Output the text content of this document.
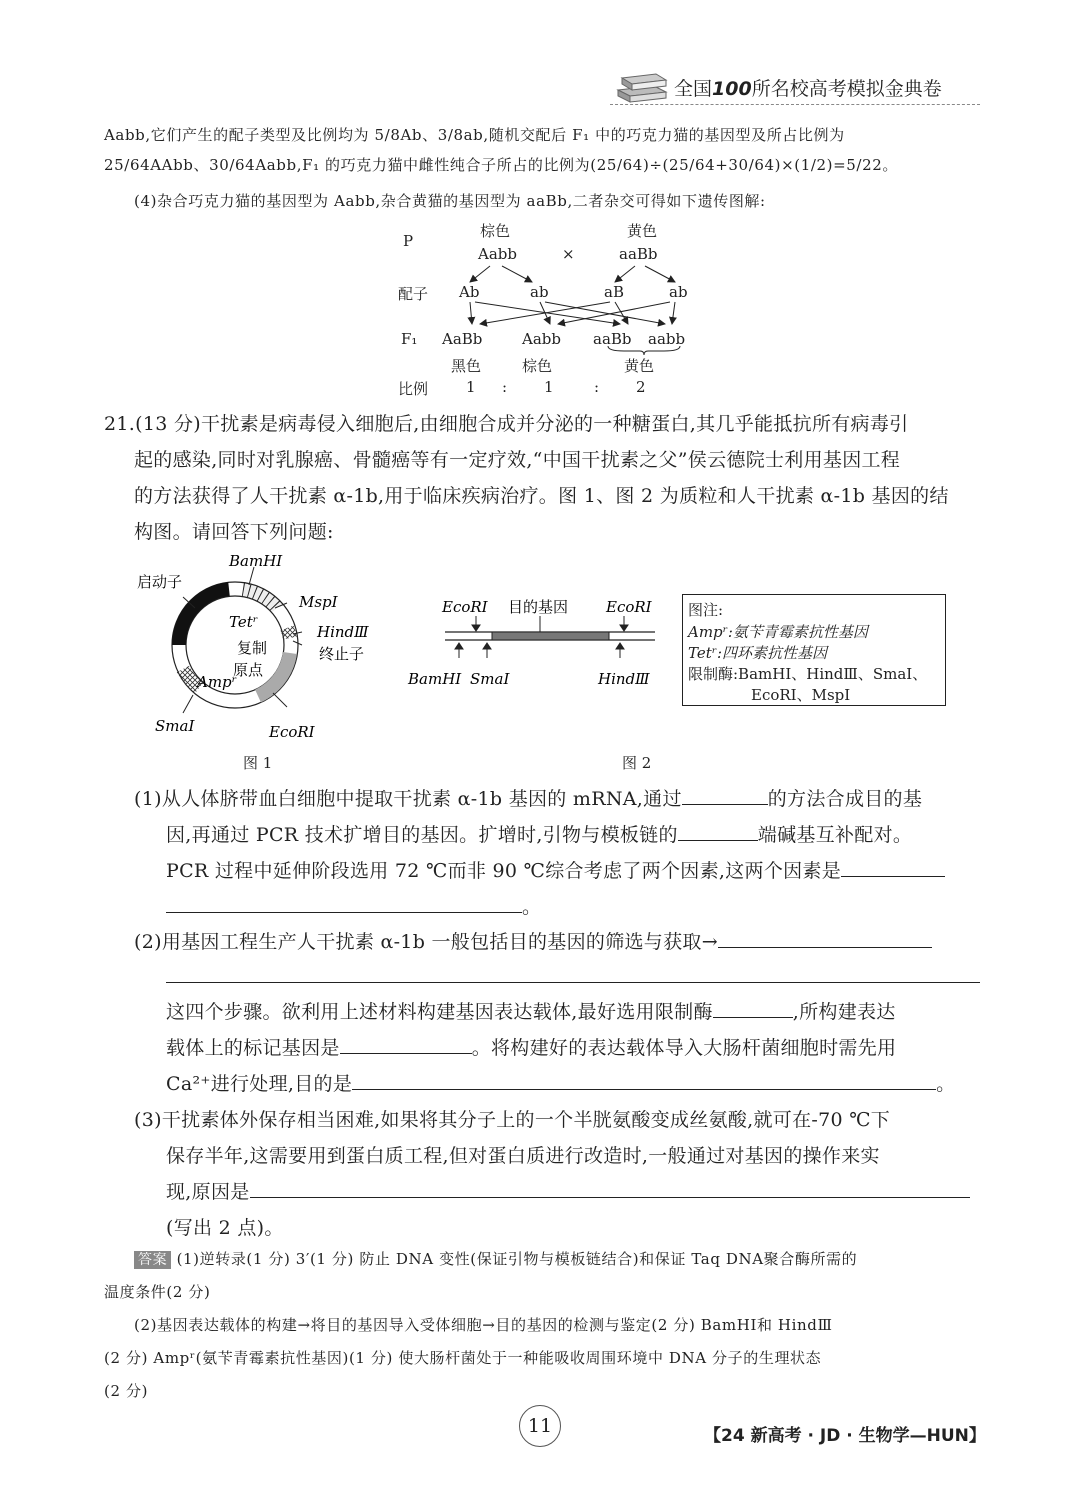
全国100所名校高考模拟金典卷
Aabb,它们产生的配子类型及比例均为 5/8Ab、3/8ab,随机交配后 F₁ 中的巧克力猫的基因型及所占比例为
25/64AAbb、30/64Aabb,F₁ 的巧克力猫中雌性纯合子所占的比例为(25/64)÷(25/64+30/64)×(1/2)=5/22。
(4)杂合巧克力猫的基因型为 Aabb,杂合黄猫的基因型为 aaBb,二者杂交可得如下遗传图解:
P
棕色
Aabb	×
黄色
aaBb
配子 Ab	ab	aB	ab
F₁ AaBb	Aabb aaBb aabb
黑色	棕色	黄色
比例	1 : 1	: 2
21.(13 分)干扰素是病毒侵入细胞后,由细胞合成并分泌的一种糖蛋白,其几乎能抵抗所有病毒引
起的感染,同时对乳腺癌、骨髓癌等有一定疗效,“中国干扰素之父”侯云德院士利用基因工程
的方法获得了人干扰素 α-1b,用于临床疾病治疗。图 1、图 2 为质粒和人干扰素 α-1b 基因的结
构图。请回答下列问题:
BamHⅠ
启动子
MspⅠ
Tetʳ
HindⅢ
终止子
复制
原点
Ampʳ
SmaⅠ	EcoRⅠ
图 1
EcoRⅠ 目的基因	EcoRⅠ
BamHⅠ SmaⅠ	HindⅢ
图 2
图注:
Ampʳ:氨苄青霉素抗性基因
Tetʳ:四环素抗性基因
限制酶:BamHⅠ、HindⅢ、SmaⅠ、
EcoRⅠ、MspⅠ
(1)从人体脐带血白细胞中提取干扰素 α-1b 基因的 mRNA,通过	的方法合成目的基
因,再通过 PCR 技术扩增目的基因。扩增时,引物与模板链的	端碱基互补配对。
PCR 过程中延伸阶段选用 72 ℃而非 90 ℃综合考虑了两个因素,这两个因素是
。
(2)用基因工程生产人干扰素 α-1b 一般包括目的基因的筛选与获取→
这四个步骤。欲利用上述材料构建基因表达载体,最好选用限制酶	,所构建表达
载体上的标记基因是	。将构建好的表达载体导入大肠杆菌细胞时需先用
Ca²⁺进行处理,目的是	。
(3)干扰素体外保存相当困难,如果将其分子上的一个半胱氨酸变成丝氨酸,就可在-70 ℃下
保存半年,这需要用到蛋白质工程,但对蛋白质进行改造时,一般通过对基因的操作来实
现,原因是
(写出 2 点)。
答案 (1)逆转录(1 分) 3′(1 分) 防止 DNA 变性(保证引物与模板链结合)和保证 Taq DNA聚合酶所需的
温度条件(2 分)
(2)基因表达载体的构建→将目的基因导入受体细胞→目的基因的检测与鉴定(2 分) BamHⅠ和 HindⅢ
(2 分) Ampʳ(氨苄青霉素抗性基因)(1 分) 使大肠杆菌处于一种能吸收周围环境中 DNA 分子的生理状态
(2 分)
11	【24 新高考 · JD · 生物学—HUN】
